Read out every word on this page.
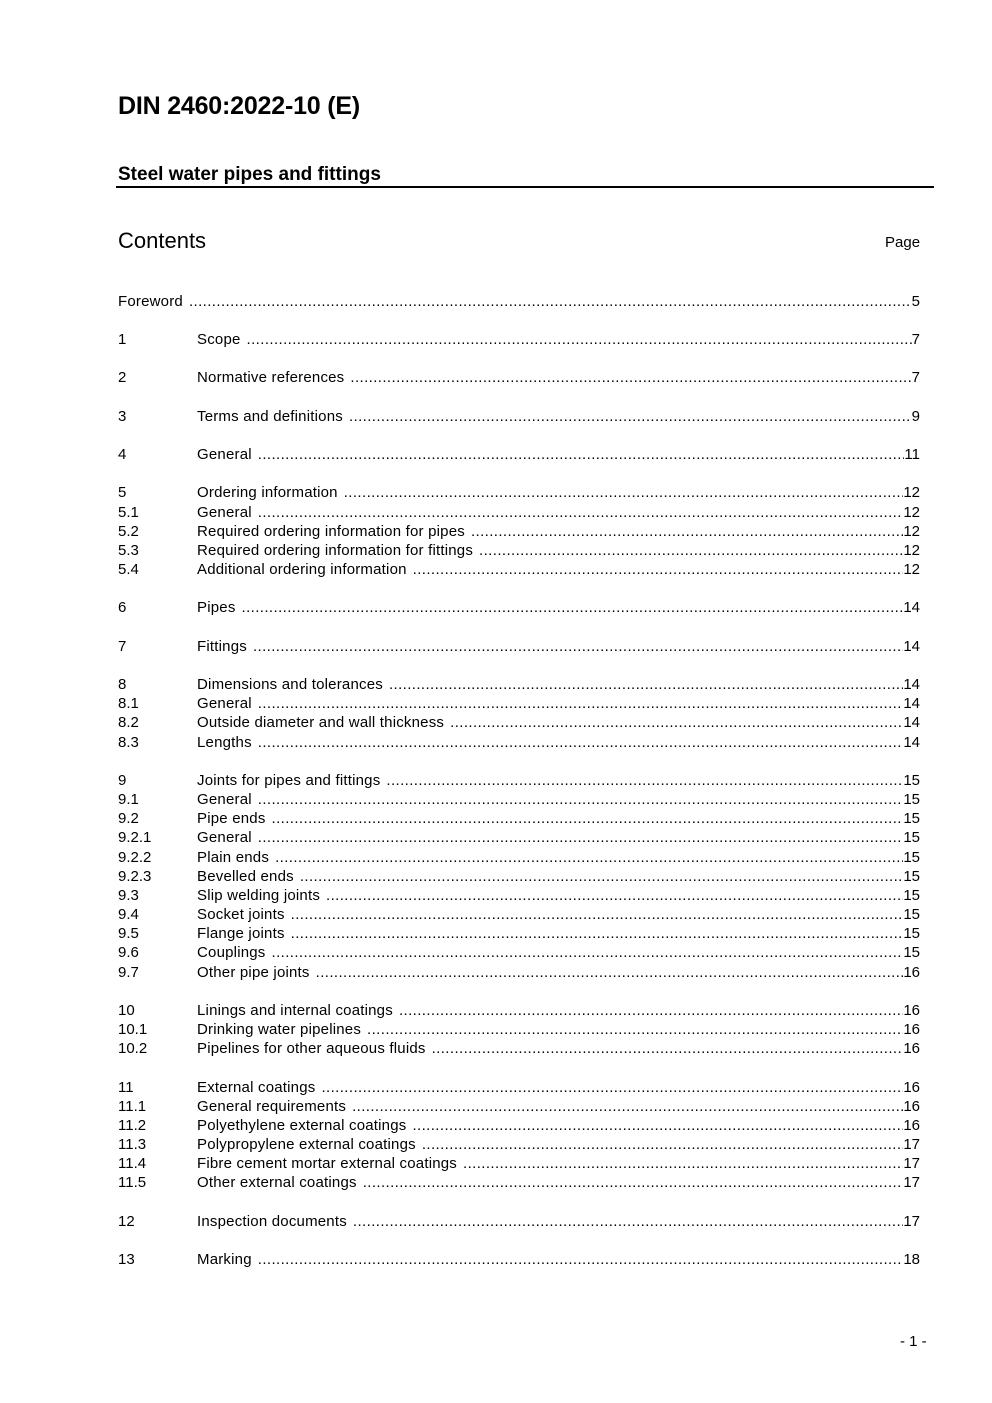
DIN 2460:2022-10 (E)
Steel water pipes and fittings
Contents	Page
Foreword .....	5
1	Scope .....	7
2	Normative references .....	7
3	Terms and definitions .....	9
4	General .....	11
5	Ordering information .....	12
5.1	General .....	12
5.2	Required ordering information for pipes .....	12
5.3	Required ordering information for fittings .....	12
5.4	Additional ordering information .....	12
6	Pipes .....	14
7	Fittings .....	14
8	Dimensions and tolerances .....	14
8.1	General .....	14
8.2	Outside diameter and wall thickness .....	14
8.3	Lengths .....	14
9	Joints for pipes and fittings .....	15
9.1	General .....	15
9.2	Pipe ends .....	15
9.2.1	General .....	15
9.2.2	Plain ends .....	15
9.2.3	Bevelled ends .....	15
9.3	Slip welding joints .....	15
9.4	Socket joints .....	15
9.5	Flange joints .....	15
9.6	Couplings .....	15
9.7	Other pipe joints .....	16
10	Linings and internal coatings .....	16
10.1	Drinking water pipelines .....	16
10.2	Pipelines for other aqueous fluids .....	16
11	External coatings .....	16
11.1	General requirements .....	16
11.2	Polyethylene external coatings .....	16
11.3	Polypropylene external coatings .....	17
11.4	Fibre cement mortar external coatings .....	17
11.5	Other external coatings .....	17
12	Inspection documents .....	17
13	Marking .....	18
- 1 -
